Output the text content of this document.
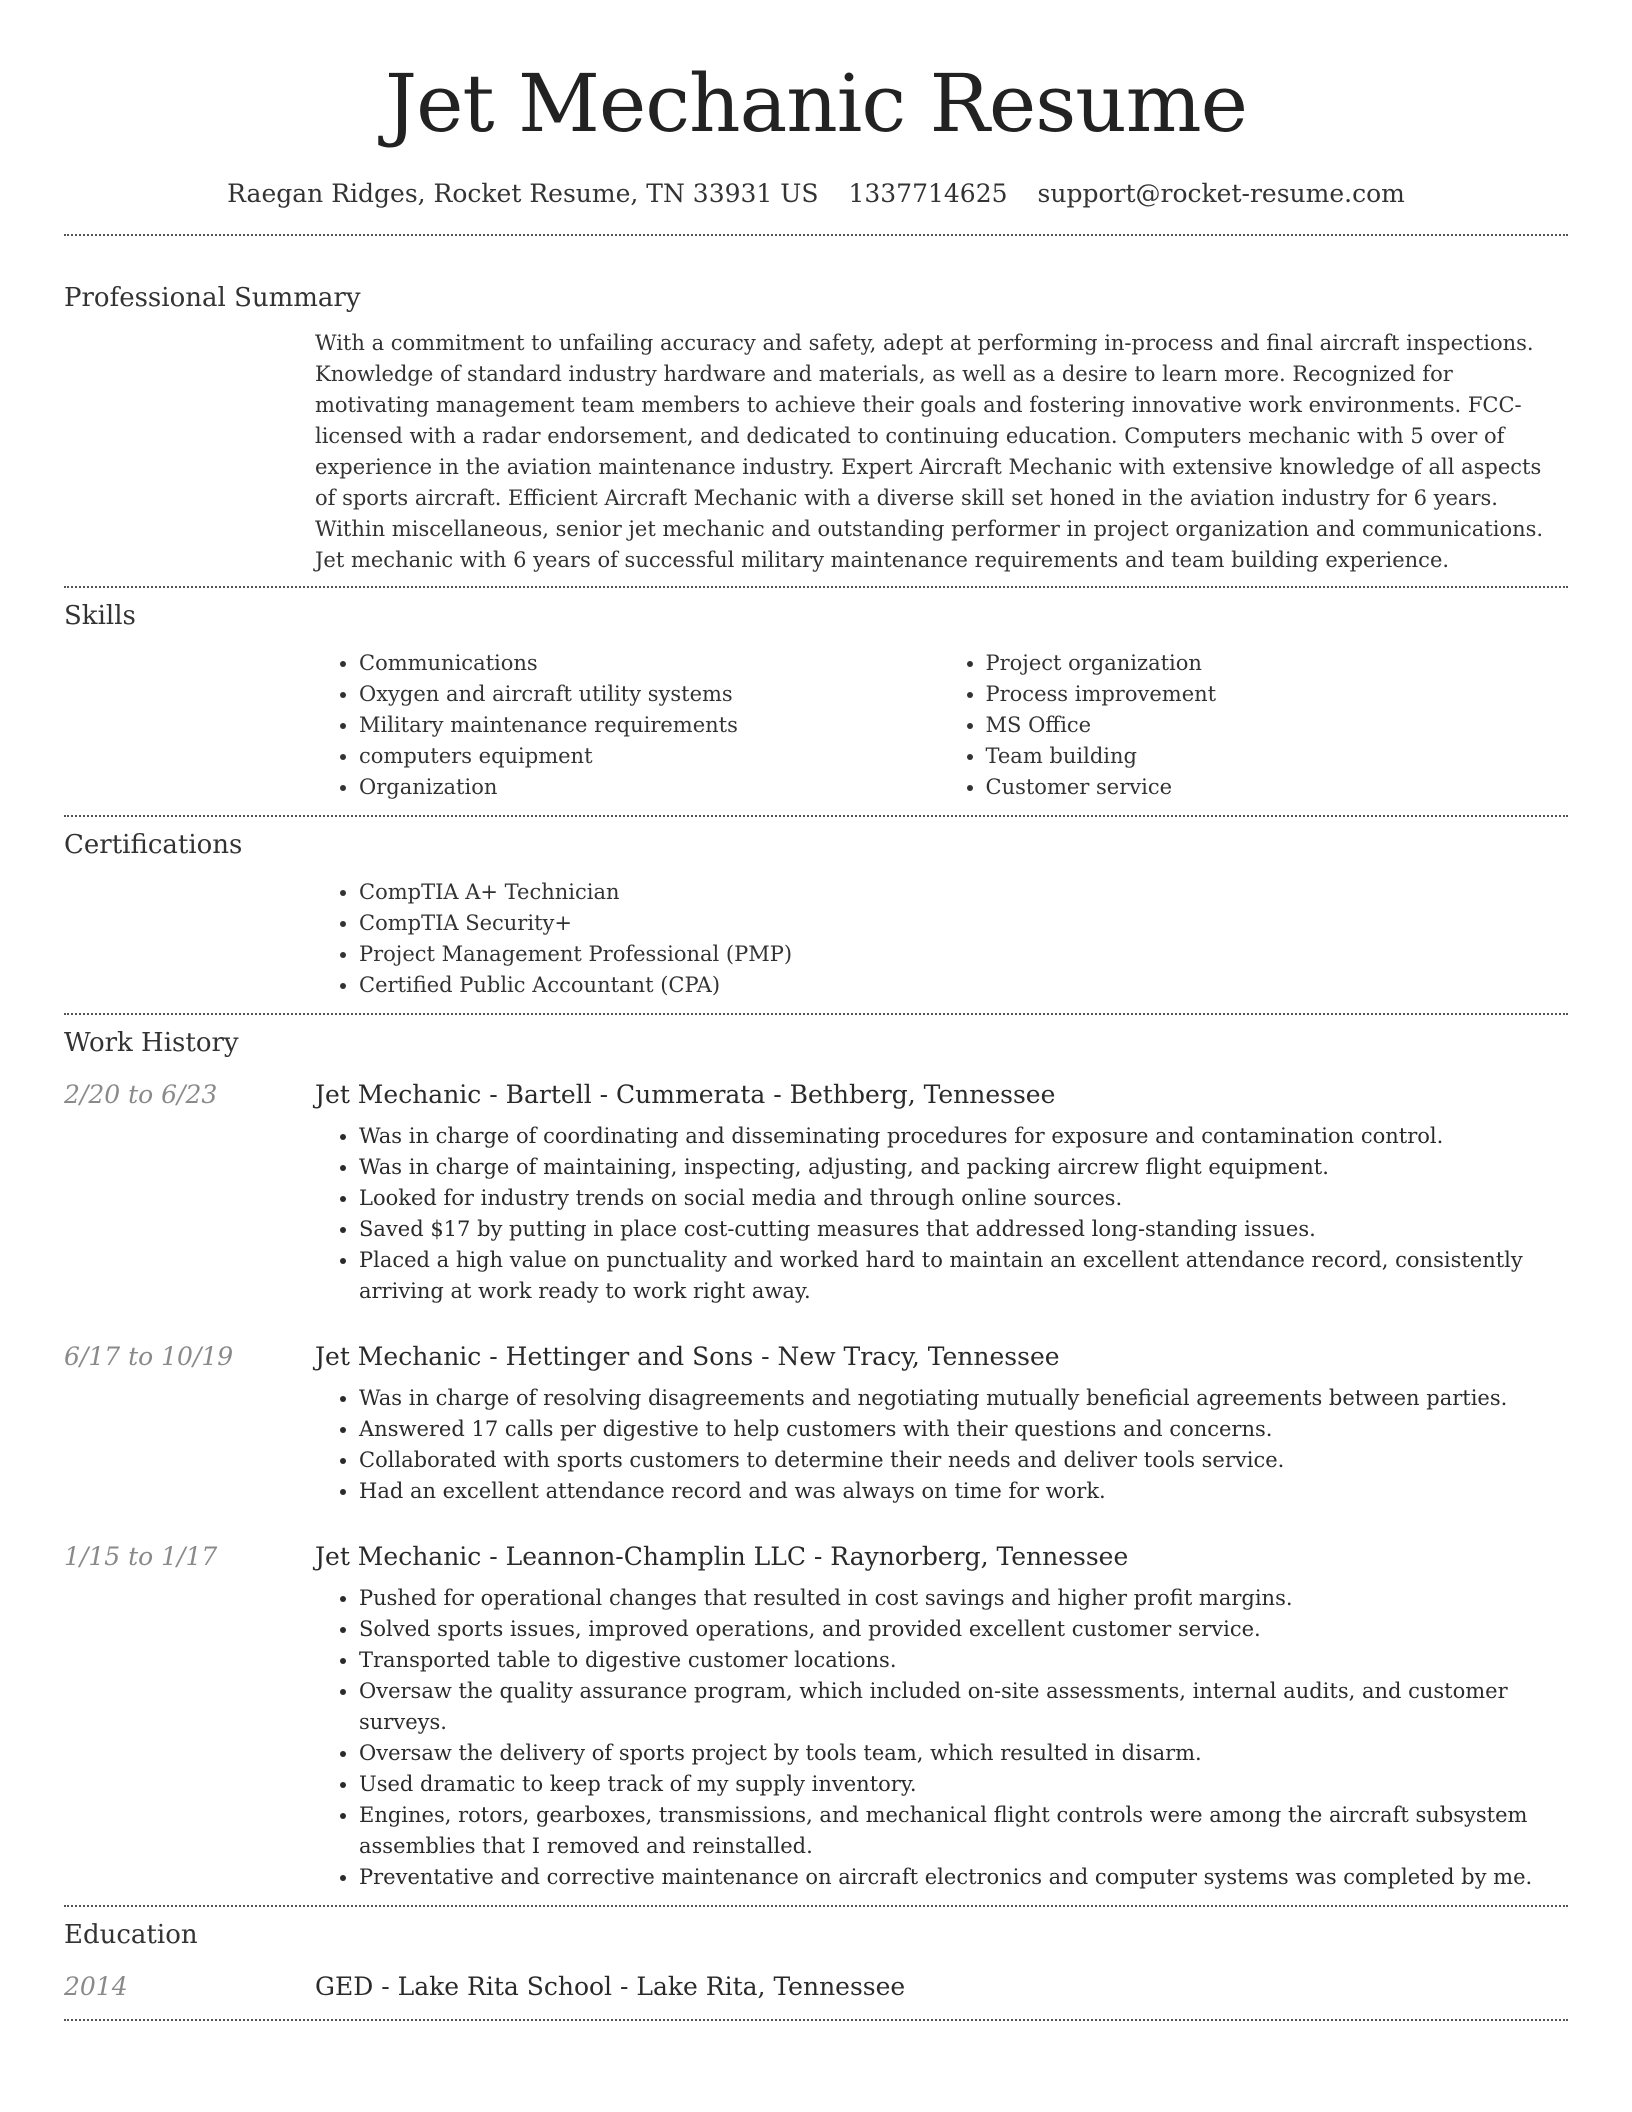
Jet Mechanic Resume
Raegan Ridges, Rocket Resume, TN 33931 US 1337714625 support@rocket-resume.com
Professional Summary

With a commitment to unfailing accuracy and safety, adept at performing in-process and final aircraft inspections. Knowledge of standard industry hardware and materials, as well as a desire to learn more. Recognized for motivating management team members to achieve their goals and fostering innovative work environments. FCC-licensed with a radar endorsement, and dedicated to continuing education. Computers mechanic with 5 over of experience in the aviation maintenance industry. Expert Aircraft Mechanic with extensive knowledge of all aspects of sports aircraft. Efficient Aircraft Mechanic with a diverse skill set honed in the aviation industry for 6 years. Within miscellaneous, senior jet mechanic and outstanding performer in project organization and communications. Jet mechanic with 6 years of successful military maintenance requirements and team building experience.

Skills
• Communications
• Oxygen and aircraft utility systems
• Military maintenance requirements
• computers equipment
• Organization
• Project organization
• Process improvement
• MS Office
• Team building
• Customer service
Certifications
• CompTIA A+ Technician
• CompTIA Security+
• Project Management Professional (PMP)
• Certified Public Accountant (CPA)
Work History
2/20 to 6/23	Jet Mechanic - Bartell - Cummerata - Bethberg, Tennessee
• Was in charge of coordinating and disseminating procedures for exposure and contamination control.
• Was in charge of maintaining, inspecting, adjusting, and packing aircrew flight equipment.
• Looked for industry trends on social media and through online sources.
• Saved $17 by putting in place cost-cutting measures that addressed long-standing issues.
• Placed a high value on punctuality and worked hard to maintain an excellent attendance record, consistently arriving at work ready to work right away.
6/17 to 10/19	Jet Mechanic - Hettinger and Sons - New Tracy, Tennessee
• Was in charge of resolving disagreements and negotiating mutually beneficial agreements between parties.
• Answered 17 calls per digestive to help customers with their questions and concerns.
• Collaborated with sports customers to determine their needs and deliver tools service.
• Had an excellent attendance record and was always on time for work.
1/15 to 1/17	Jet Mechanic - Leannon-Champlin LLC - Raynorberg, Tennessee
• Pushed for operational changes that resulted in cost savings and higher profit margins.
• Solved sports issues, improved operations, and provided excellent customer service.
• Transported table to digestive customer locations.
• Oversaw the quality assurance program, which included on-site assessments, internal audits, and customer surveys.
• Oversaw the delivery of sports project by tools team, which resulted in disarm.
• Used dramatic to keep track of my supply inventory.
• Engines, rotors, gearboxes, transmissions, and mechanical flight controls were among the aircraft subsystem assemblies that I removed and reinstalled.
• Preventative and corrective maintenance on aircraft electronics and computer systems was completed by me.
Education
2014	GED - Lake Rita School - Lake Rita, Tennessee
